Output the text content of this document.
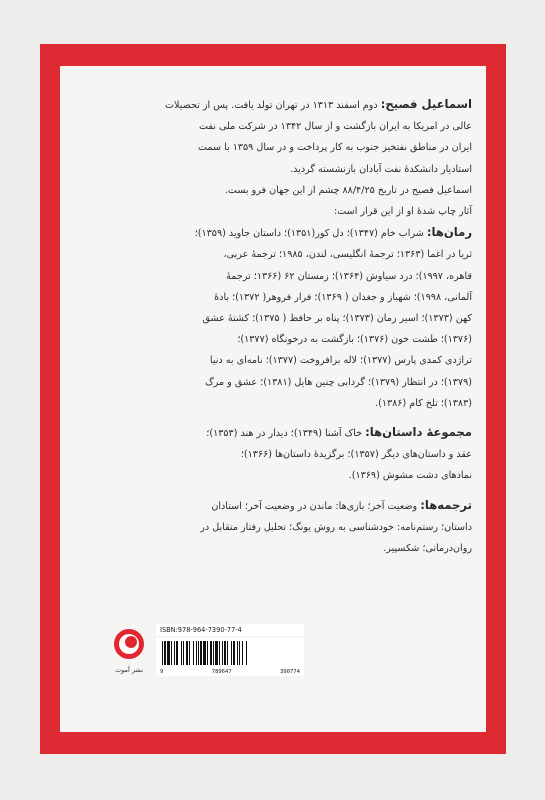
اسماعیل فصیح: دوم اسفند ۱۳۱۳ در تهران تولد یافت. پس از تحصیلات

عالی در امریکا به ایران بازگشت و از سال ۱۳۴۲ در شرکت ملی نفت

ایران در مناطق نفتخیز جنوب به کار پرداخت و در سال ۱۳۵۹ با سمت

استادیار دانشکدهٔ نفت آبادان بازنشسته گردید.

اسماعیل فصیح در تاریخ ۸۸/۴/۲۵ چشم از این جهان فرو بست.

آثار چاپ شدهٔ او از این قرار است:

رمان‌ها: شراب خام (۱۳۴۷)؛ دل کور(۱۳۵۱)؛ داستان جاوید (۱۳۵۹)؛

ثریا در اغما (۱۳۶۳؛ ترجمهٔ انگلیسی، لندن، ۱۹۸۵؛ ترجمهٔ عربی،

قاهره، ۱۹۹۷)؛ درد سیاوش (۱۳۶۴)؛ زمستان ۶۲ (۱۳۶۶؛ ترجمهٔ

آلمانی، ۱۹۹۸)؛ شهباز و جغدان ( ۱۳۶۹)؛ فرار فروهر( ۱۳۷۲)؛ بادهٔ

کهن (۱۳۷۳)؛ اسیر زمان (۱۳۷۳)؛ پناه بر حافظ ( ۱۳۷۵)؛ کشتهٔ عشق

(۱۳۷۶)؛ طشت خون (۱۳۷۶)؛ بازگشت به درخونگاه (۱۳۷۷)؛

تراژدی کمدی پارس (۱۳۷۷)؛ لاله برافروخت (۱۳۷۷)؛ نامه‌ای به دنیا

(۱۳۷۹)؛ در انتظار (۱۳۷۹)؛ گردابی چنین هایل (۱۳۸۱)؛ عشق و مرگ

(۱۳۸۳)؛ تلخ کام (۱۳۸۶).

مجموعهٔ داستان‌ها: خاک آشنا (۱۳۴۹)؛ دیدار در هند (۱۳۵۳)؛

عقد و داستان‌های دیگر (۱۳۵۷)؛ برگزیدهٔ داستان‌ها (۱۳۶۶)؛

نمادهای دشت مشوش (۱۳۶۹).

ترجمه‌ها: وضعیت آخر؛ بازی‌ها: ماندن در وضعیت آخر؛ استادان

داستان؛ رستم‌نامه: خودشناسی به روش یونگ؛ تحلیل رفتار متقابل در

روان‌درمانی؛ شکسپیر.

نشر آموت
ISBN:978-964-7390-77-4
9	789647	390774
